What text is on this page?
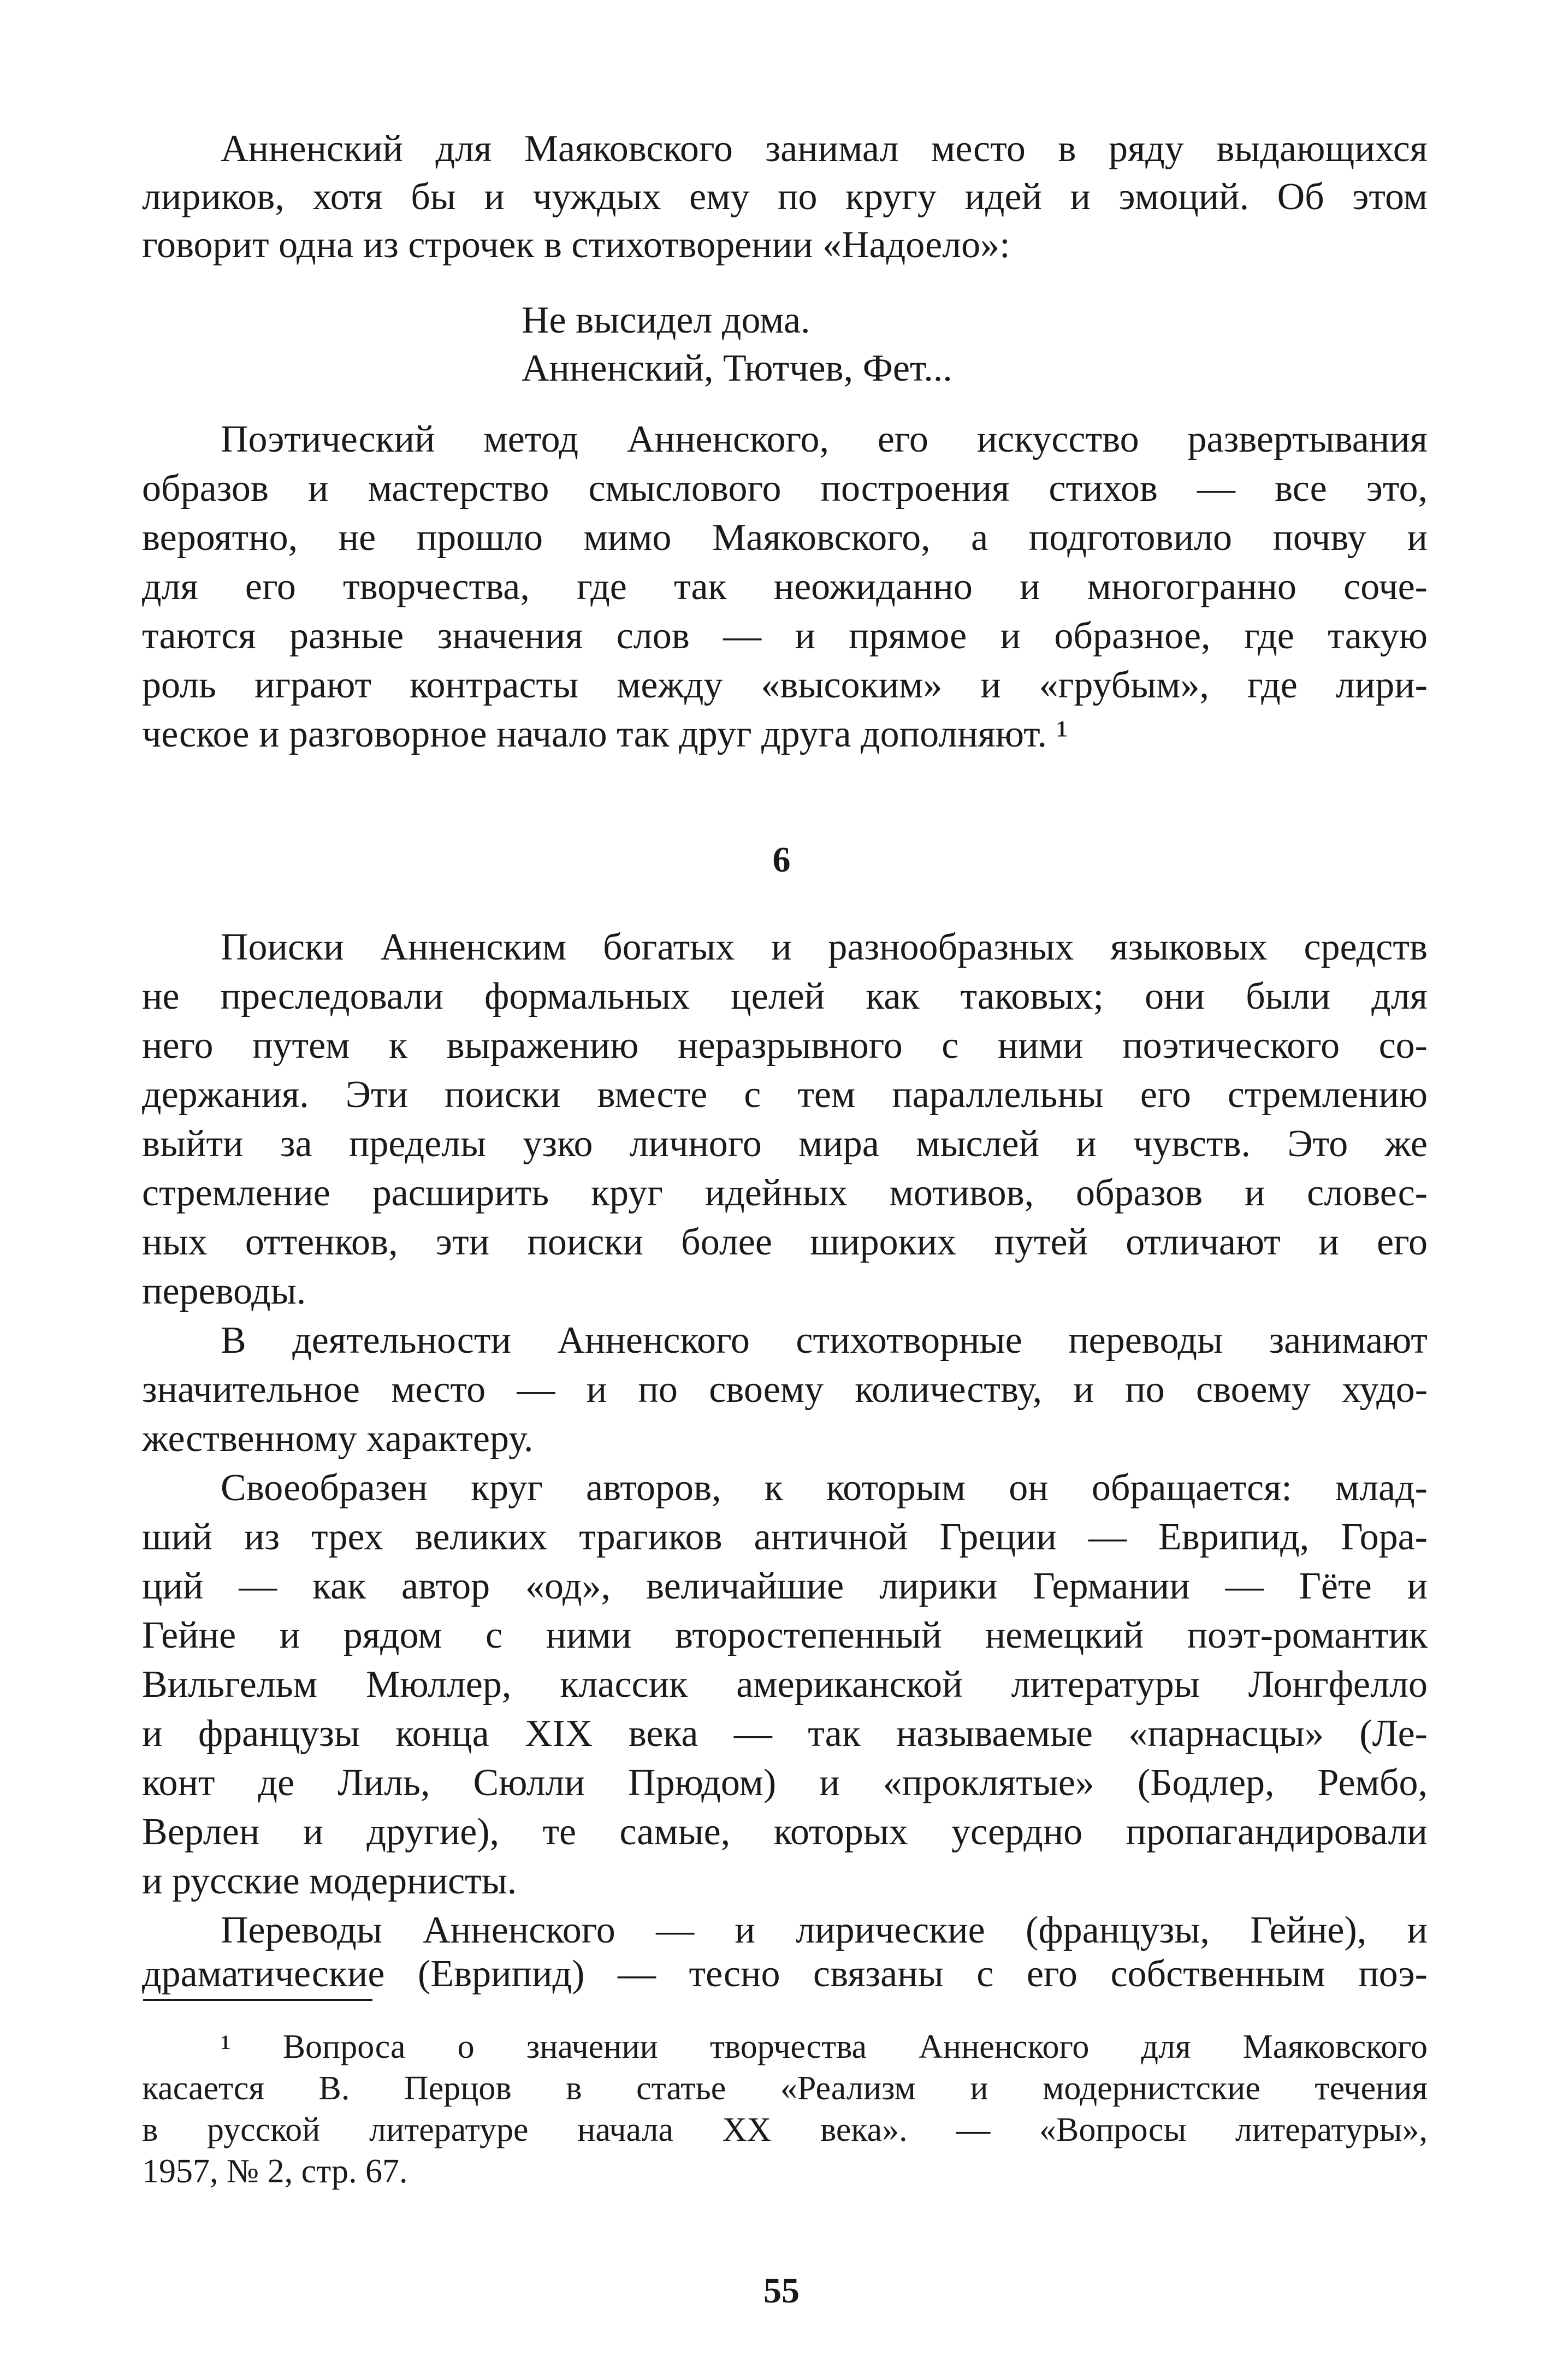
Анненский для Маяковского занимал место в ряду выдающихся
лириков, хотя бы и чуждых ему по кругу идей и эмоций. Об этом
говорит одна из строчек в стихотворении «Надоело»:
Не высидел дома.
Анненский, Тютчев, Фет...
Поэтический метод Анненского, его искусство развертывания
образов и мастерство смыслового построения стихов — все это,
вероятно, не прошло мимо Маяковского, а подготовило почву и
для его творчества, где так неожиданно и многогранно соче-
таются разные значения слов — и прямое и образное, где такую
роль играют контрасты между «высоким» и «грубым», где лири-
ческое и разговорное начало так друг друга дополняют. ¹
6
Поиски Анненским богатых и разнообразных языковых средств
не преследовали формальных целей как таковых; они были для
него путем к выражению неразрывного с ними поэтического со-
держания. Эти поиски вместе с тем параллельны его стремлению
выйти за пределы узко личного мира мыслей и чувств. Это же
стремление расширить круг идейных мотивов, образов и словес-
ных оттенков, эти поиски более широких путей отличают и его
переводы.
В деятельности Анненского стихотворные переводы занимают
значительное место — и по своему количеству, и по своему худо-
жественному характеру.
Своеобразен круг авторов, к которым он обращается: млад-
ший из трех великих трагиков античной Греции — Еврипид, Гора-
ций — как автор «од», величайшие лирики Германии — Гёте и
Гейне и рядом с ними второстепенный немецкий поэт-романтик
Вильгельм Мюллер, классик американской литературы Лонгфелло
и французы конца XIX века — так называемые «парнасцы» (Ле-
конт де Лиль, Сюлли Прюдом) и «проклятые» (Бодлер, Рембо,
Верлен и другие), те самые, которых усердно пропагандировали
и русские модернисты.
Переводы Анненского — и лирические (французы, Гейне), и
драматические (Еврипид) — тесно связаны с его собственным поэ-
¹ Вопроса о значении творчества Анненского для Маяковского
касается В. Перцов в статье «Реализм и модернистские течения
в русской литературе начала XX века». — «Вопросы литературы»,
1957, № 2, стр. 67.
55
